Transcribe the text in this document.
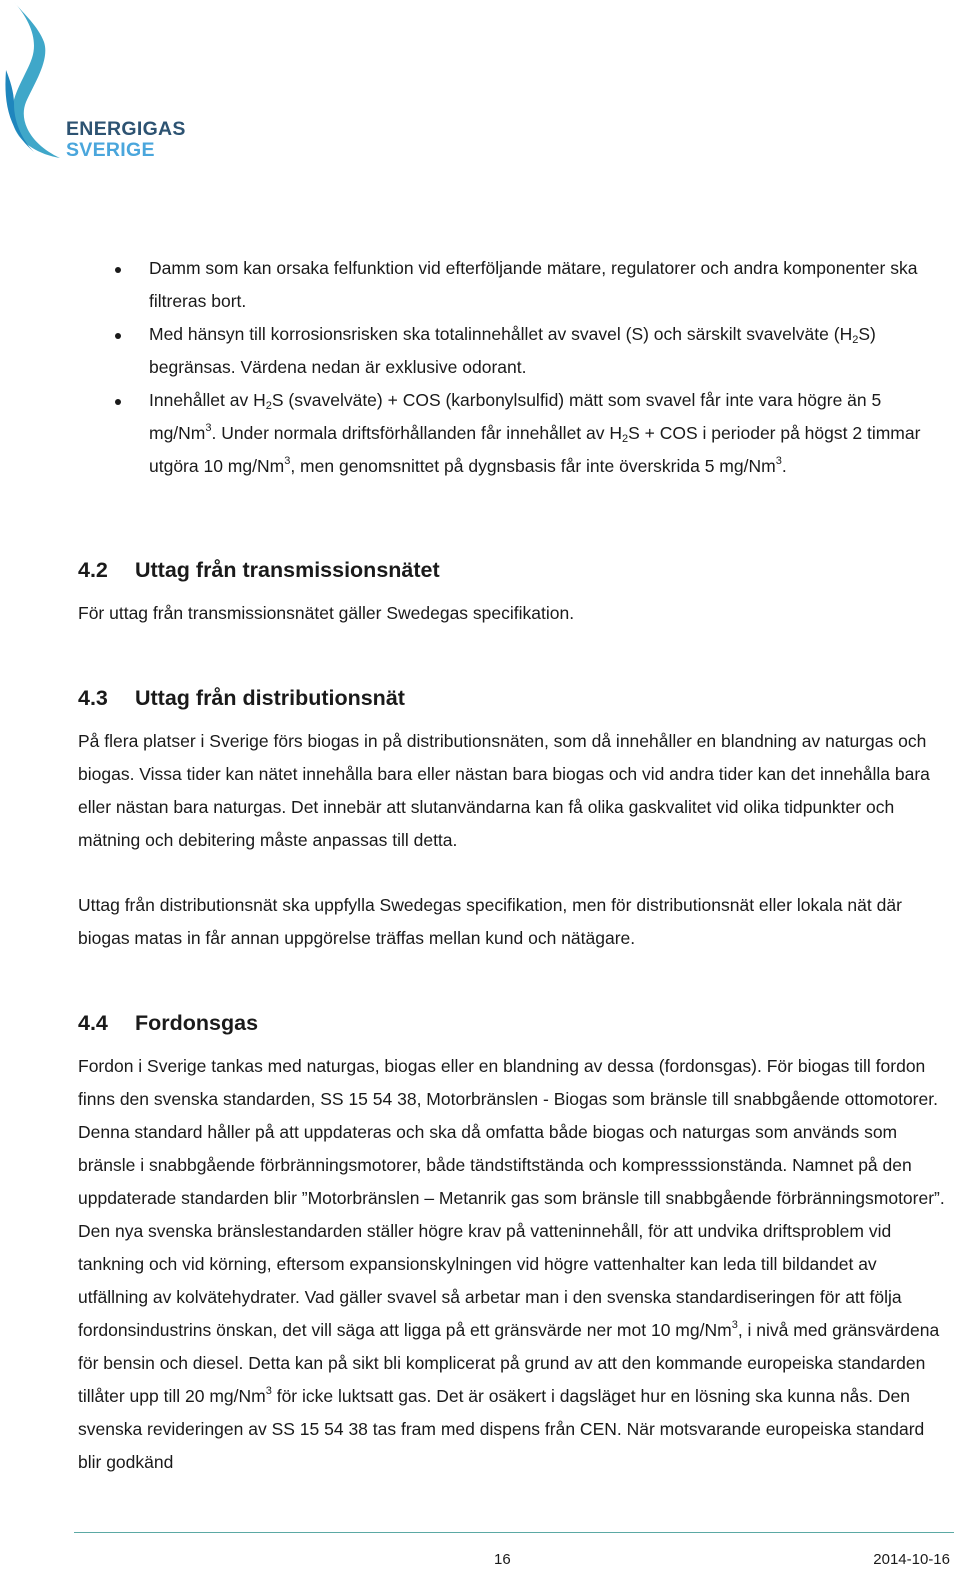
ENERGIGAS
SVERIGE
Damm som kan orsaka felfunktion vid efterföljande mätare, regulatorer och andra komponenter ska filtreras bort.
Med hänsyn till korrosionsrisken ska totalinnehållet av svavel (S) och särskilt svavelväte $(H_2S)$ begränsas. Värdena nedan är exklusive odorant.
Innehållet av $H_2S$ (svavelväte) + COS (karbonylsulfid) mätt som svavel får inte vara högre än 5 mg/Nm$^3$. Under normala driftsförhållanden får innehållet av $H_2S$ + COS i perioder på högst 2 timmar utgöra 10 mg/Nm$^3$, men genomsnittet på dygnsbasis får inte överskrida 5 mg/Nm$^3$.
4.2 Uttag från transmissionsnätet

För uttag från transmissionsnätet gäller Swedegas specifikation.

4.3 Uttag från distributionsnät

På flera platser i Sverige förs biogas in på distributionsnäten, som då innehåller en blandning av naturgas och biogas. Vissa tider kan nätet innehålla bara eller nästan bara biogas och vid andra tider kan det innehålla bara eller nästan bara naturgas. Det innebär att slutanvändarna kan få olika gaskvalitet vid olika tidpunkter och mätning och debitering måste anpassas till detta.

Uttag från distributionsnät ska uppfylla Swedegas specifikation, men för distributionsnät eller lokala nät där biogas matas in får annan uppgörelse träffas mellan kund och nätägare.

4.4 Fordonsgas

Fordon i Sverige tankas med naturgas, biogas eller en blandning av dessa (fordonsgas). För biogas till fordon finns den svenska standarden, SS 15 54 38, Motorbränslen - Biogas som bränsle till snabbgående ottomotorer. Denna standard håller på att uppdateras och ska då omfatta både biogas och naturgas som används som bränsle i snabbgående förbränningsmotorer, både tändstiftstända och kompresssionstända. Namnet på den uppdaterade standarden blir ”Motorbränslen – Metanrik gas som bränsle till snabbgående förbränningsmotorer”. Den nya svenska bränslestandarden ställer högre krav på vatteninnehåll, för att undvika driftsproblem vid tankning och vid körning, eftersom expansionskylningen vid högre vattenhalter kan leda till bildandet av utfällning av kolvätehydrater. Vad gäller svavel så arbetar man i den svenska standardiseringen för att följa fordonsindustrins önskan, det vill säga att ligga på ett gränsvärde ner mot 10 mg/Nm$^3$, i nivå med gränsvärdena för bensin och diesel. Detta kan på sikt bli komplicerat på grund av att den kommande europeiska standarden tillåter upp till 20 mg/Nm$^3$ för icke luktsatt gas. Det är osäkert i dagsläget hur en lösning ska kunna nås. Den svenska revideringen av SS 15 54 38 tas fram med dispens från CEN. När motsvarande europeiska standard blir godkänd

16	2014-10-16
